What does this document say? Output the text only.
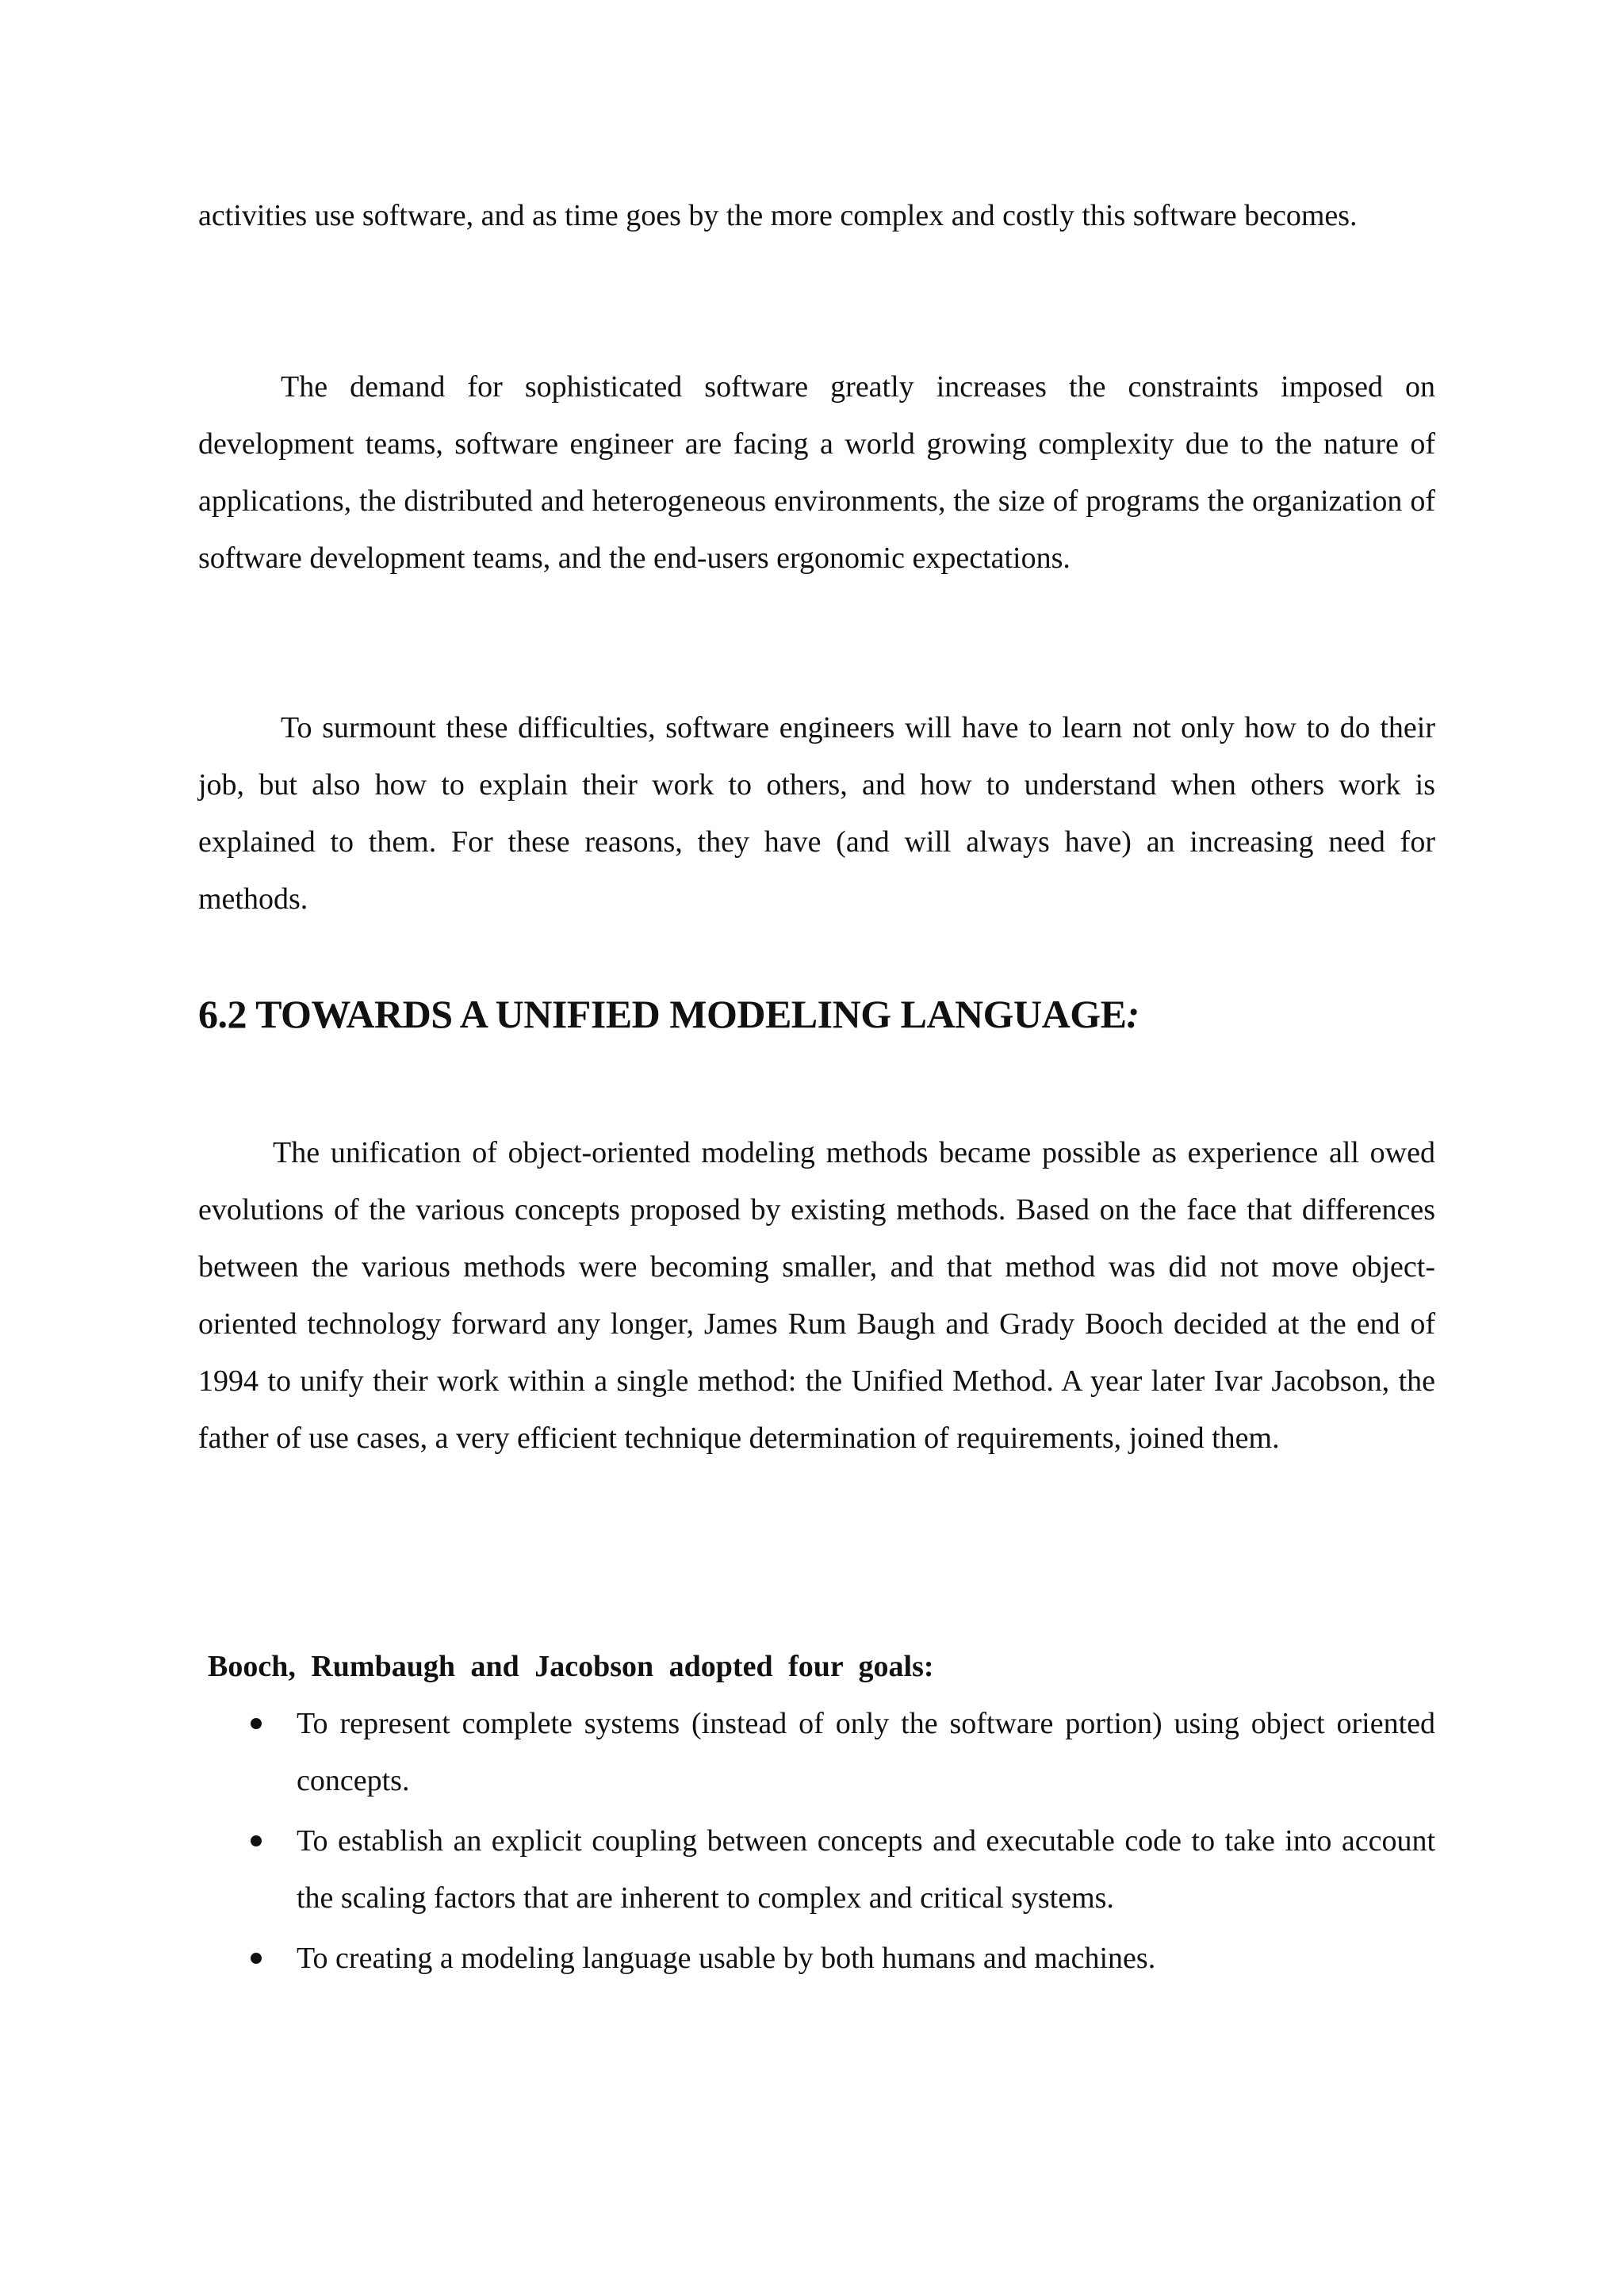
activities use software, and as time goes by the more complex and costly this software becomes.

The demand for sophisticated software greatly increases the constraints imposed on development teams, software engineer are facing a world growing complexity due to the nature of applications, the distributed and heterogeneous environments, the size of programs the organization of software development teams, and the end-users ergonomic expectations.

To surmount these difficulties, software engineers will have to learn not only how to do their job, but also how to explain their work to others, and how to understand when others work is explained to them. For these reasons, they have (and will always have) an increasing need for methods.

6.2 TOWARDS A UNIFIED MODELING LANGUAGE:

The unification of object-oriented modeling methods became possible as experience all owed evolutions of the various concepts proposed by existing methods. Based on the face that differences between the various methods were becoming smaller, and that method was did not move object-oriented technology forward any longer, James Rum Baugh and Grady Booch decided at the end of 1994 to unify their work within a single method: the Unified Method. A year later Ivar Jacobson, the father of use cases, a very efficient technique determination of requirements, joined them.

Booch, Rumbaugh and Jacobson adopted four goals:

To represent complete systems (instead of only the software portion) using object oriented concepts.
To establish an explicit coupling between concepts and executable code to take into account the scaling factors that are inherent to complex and critical systems.
To creating a modeling language usable by both humans and machines.
